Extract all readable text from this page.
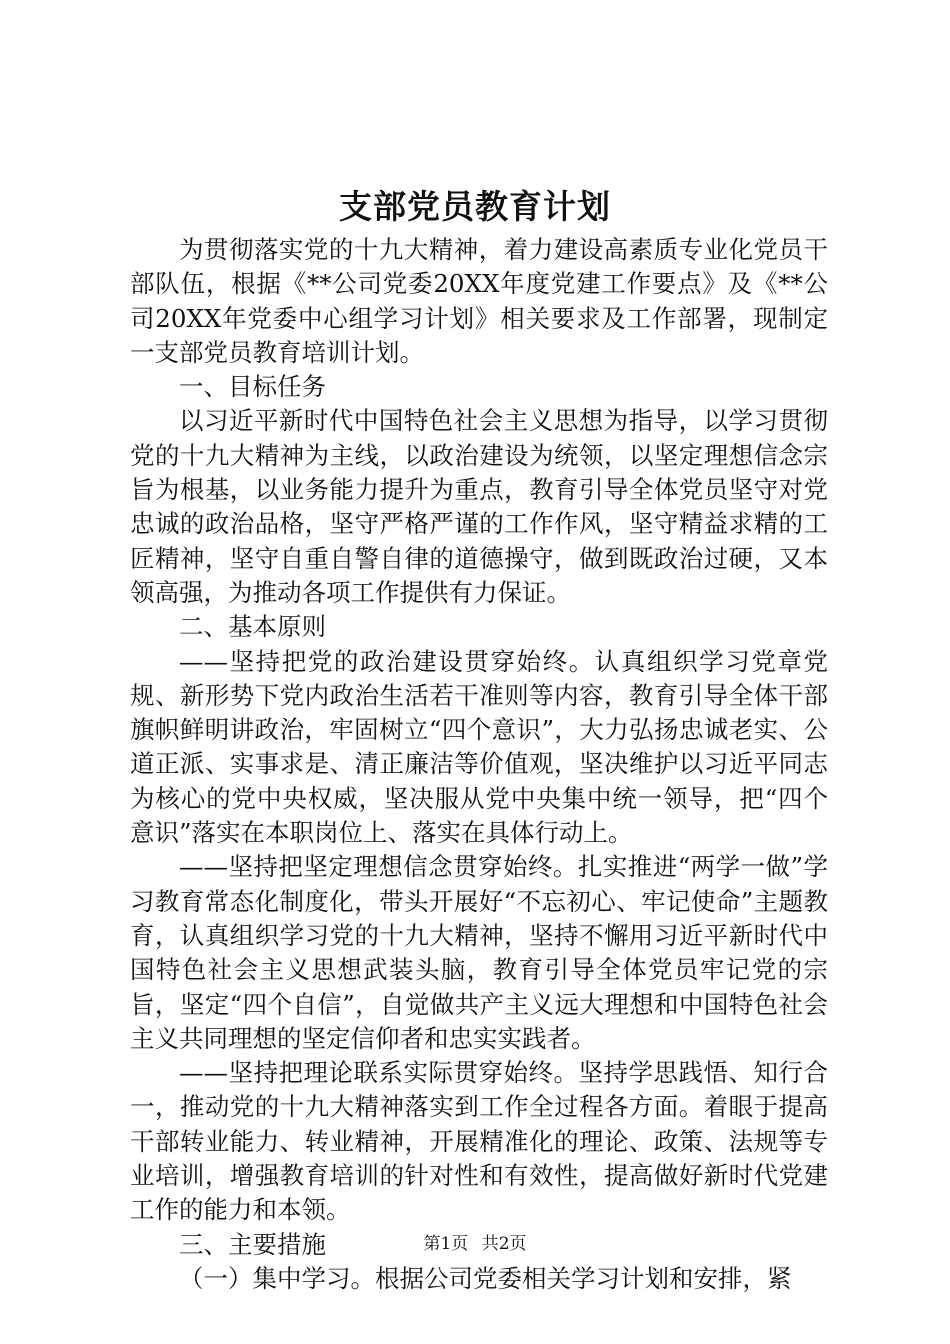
支部党员教育计划

为贯彻落实党的十九大精神，着力建设高素质专业化党员干部队伍，根据《**公司党委20XX年度党建工作要点》及《**公司20XX年党委中心组学习计划》相关要求及工作部署，现制定一支部党员教育培训计划。

一、目标任务

以习近平新时代中国特色社会主义思想为指导，以学习贯彻党的十九大精神为主线，以政治建设为统领，以坚定理想信念宗旨为根基，以业务能力提升为重点，教育引导全体党员坚守对党忠诚的政治品格，坚守严格严谨的工作作风，坚守精益求精的工匠精神，坚守自重自警自律的道德操守，做到既政治过硬，又本领高强，为推动各项工作提供有力保证。

二、基本原则

——坚持把党的政治建设贯穿始终。认真组织学习党章党规、新形势下党内政治生活若干准则等内容，教育引导全体干部旗帜鲜明讲政治，牢固树立“四个意识”，大力弘扬忠诚老实、公道正派、实事求是、清正廉洁等价值观，坚决维护以习近平同志为核心的党中央权威，坚决服从党中央集中统一领导，把“四个意识”落实在本职岗位上、落实在具体行动上。

——坚持把坚定理想信念贯穿始终。扎实推进“两学一做”学习教育常态化制度化，带头开展好“不忘初心、牢记使命”主题教育，认真组织学习党的十九大精神，坚持不懈用习近平新时代中国特色社会主义思想武装头脑，教育引导全体党员牢记党的宗旨，坚定“四个自信”，自觉做共产主义远大理想和中国特色社会主义共同理想的坚定信仰者和忠实实践者。

——坚持把理论联系实际贯穿始终。坚持学思践悟、知行合一，推动党的十九大精神落实到工作全过程各方面。着眼于提高干部转业能力、转业精神，开展精准化的理论、政策、法规等专业培训，增强教育培训的针对性和有效性，提高做好新时代党建工作的能力和本领。

三、主要措施

（一）集中学习。根据公司党委相关学习计划和安排，紧

第1页 共2页
